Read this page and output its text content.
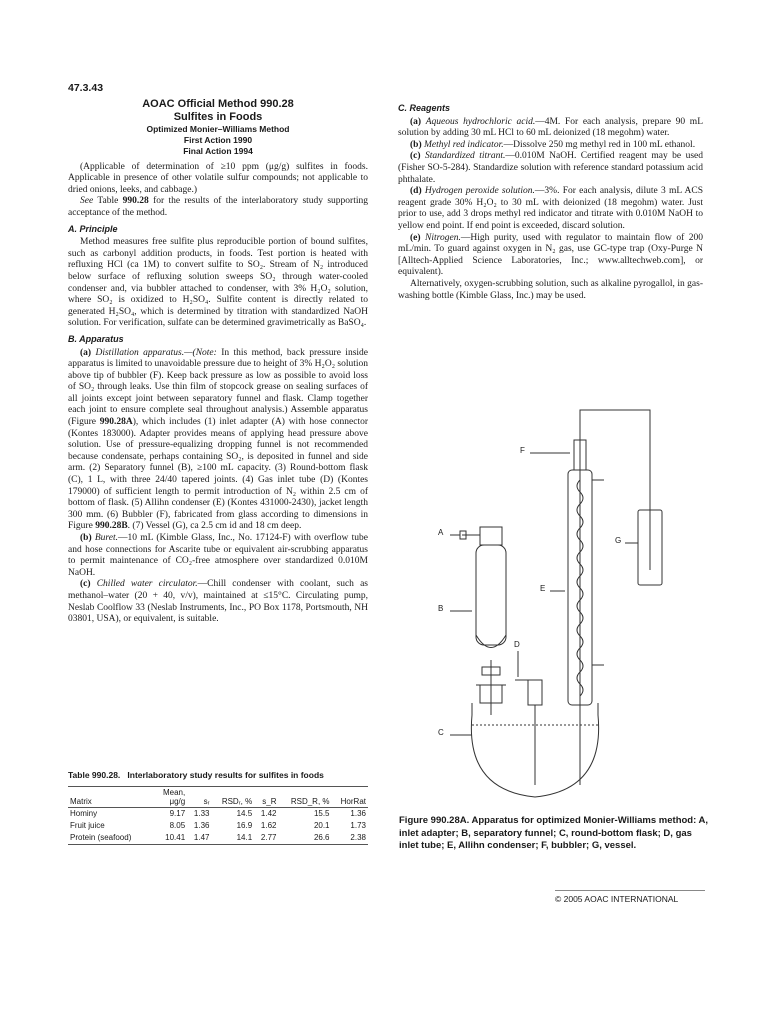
47.3.43
AOAC Official Method 990.28
Sulfites in Foods
Optimized Monier–Williams Method
First Action 1990
Final Action 1994

(Applicable of determination of ≥10 ppm (μg/g) sulfites in foods. Applicable in presence of other volatile sulfur compounds; not applicable to dried onions, leeks, and cabbage.)

See Table 990.28 for the results of the interlaboratory study supporting acceptance of the method.

A. Principle

Method measures free sulfite plus reproducible portion of bound sulfites, such as carbonyl addition products, in foods. Test portion is heated with refluxing HCl (ca 1M) to convert sulfite to SO₂. Stream of N₂ introduced below surface of refluxing solution sweeps SO₂ through water-cooled condenser and, via bubbler attached to condenser, with 3% H₂O₂ solution, where SO₂ is oxidized to H₂SO₄. Sulfite content is directly related to generated H₂SO₄, which is determined by titration with standardized NaOH solution. For verification, sulfate can be determined gravimetrically as BaSO₄.

B. Apparatus

(a) Distillation apparatus.—(Note: In this method, back pressure inside apparatus is limited to unavoidable pressure due to height of 3% H₂O₂ solution above tip of bubbler (F). Keep back pressure as low as possible to avoid loss of SO₂ through leaks. Use thin film of stopcock grease on sealing surfaces of all joints except joint between separatory funnel and flask. Clamp together each joint to ensure complete seal throughout analysis.) Assemble apparatus (Figure 990.28A), which includes (1) inlet adapter (A) with hose connector (Kontes 183000). Adapter provides means of applying head pressure above solution. Use of pressure-equalizing dropping funnel is not recommended because condensate, perhaps containing SO₂, is deposited in funnel and side arm. (2) Separatory funnel (B), ≥100 mL capacity. (3) Round-bottom flask (C), 1 L, with three 24/40 tapered joints. (4) Gas inlet tube (D) (Kontes 179000) of sufficient length to permit introduction of N₂ within 2.5 cm of bottom of flask. (5) Allihn condenser (E) (Kontes 431000-2430), jacket length 300 mm. (6) Bubbler (F), fabricated from glass according to dimensions in Figure 990.28B. (7) Vessel (G), ca 2.5 cm id and 18 cm deep.

(b) Buret.—10 mL (Kimble Glass, Inc., No. 17124-F) with overflow tube and hose connections for Ascarite tube or equivalent air-scrubbing apparatus to permit maintenance of CO₂-free atmosphere over standardized 0.010M NaOH.

(c) Chilled water circulator.—Chill condenser with coolant, such as methanol–water (20 + 40, v/v), maintained at ≤15°C. Circulating pump, Neslab Coolflow 33 (Neslab Instruments, Inc., PO Box 1178, Portsmouth, NH 03801, USA), or equivalent, is suitable.

C. Reagents

(a) Aqueous hydrochloric acid.—4M. For each analysis, prepare 90 mL solution by adding 30 mL HCl to 60 mL deionized (18 megohm) water.

(b) Methyl red indicator.—Dissolve 250 mg methyl red in 100 mL ethanol.

(c) Standardized titrant.—0.010M NaOH. Certified reagent may be used (Fisher SO-5-284). Standardize solution with reference standard potassium acid phthalate.

(d) Hydrogen peroxide solution.—3%. For each analysis, dilute 3 mL ACS reagent grade 30% H₂O₂ to 30 mL with deionized (18 megohm) water. Just prior to use, add 3 drops methyl red indicator and titrate with 0.010M NaOH to yellow end point. If end point is exceeded, discard solution.

(e) Nitrogen.—High purity, used with regulator to maintain flow of 200 mL/min. To guard against oxygen in N₂ gas, use GC-type trap (Oxy-Purge N [Alltech-Applied Science Laboratories, Inc.; www.alltechweb.com], or equivalent).

Alternatively, oxygen-scrubbing solution, such as alkaline pyrogallol, in gas-washing bottle (Kimble Glass, Inc.) may be used.

Table 990.28. Interlaboratory study results for sulfites in foods
Matrix	Mean, μg/g	sᵣ	RSDᵣ, %	s_R	RSD_R, %	HorRat
Hominy	9.17	1.33	14.5	1.42	15.5	1.36
Fruit juice	8.05	1.36	16.9	1.62	20.1	1.73
Protein (seafood)	10.41	1.47	14.1	2.77	26.6	2.38
A
B
C
D
E
F
G
Figure 990.28A. Apparatus for optimized Monier-Williams method: A, inlet adapter; B, separatory funnel; C, round-bottom flask; D, gas inlet tube; E, Allihn condenser; F, bubbler; G, vessel.
© 2005 AOAC INTERNATIONAL
